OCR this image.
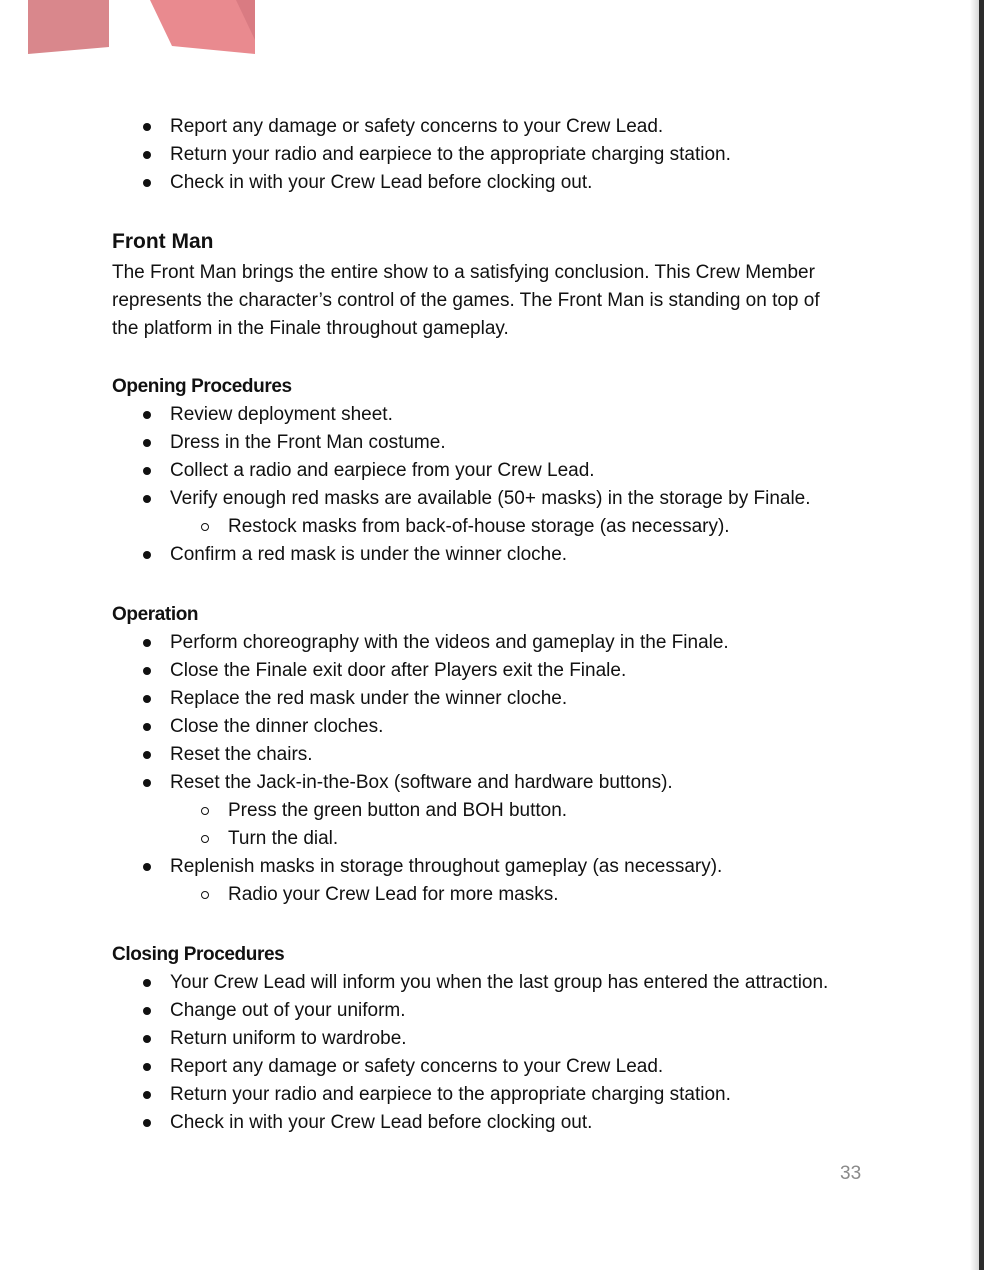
Report any damage or safety concerns to your Crew Lead.
Return your radio and earpiece to the appropriate charging station.
Check in with your Crew Lead before clocking out.
Front Man
The Front Man brings the entire show to a satisfying conclusion. This Crew Member
represents the character’s control of the games. The Front Man is standing on top of
the platform in the Finale throughout gameplay.
Opening Procedures
Review deployment sheet.
Dress in the Front Man costume.
Collect a radio and earpiece from your Crew Lead.
Verify enough red masks are available (50+ masks) in the storage by Finale.
Restock masks from back-of-house storage (as necessary).
Confirm a red mask is under the winner cloche.
Operation
Perform choreography with the videos and gameplay in the Finale.
Close the Finale exit door after Players exit the Finale.
Replace the red mask under the winner cloche.
Close the dinner cloches.
Reset the chairs.
Reset the Jack-in-the-Box (software and hardware buttons).
Press the green button and BOH button.
Turn the dial.
Replenish masks in storage throughout gameplay (as necessary).
Radio your Crew Lead for more masks.
Closing Procedures
Your Crew Lead will inform you when the last group has entered the attraction.
Change out of your uniform.
Return uniform to wardrobe.
Report any damage or safety concerns to your Crew Lead.
Return your radio and earpiece to the appropriate charging station.
Check in with your Crew Lead before clocking out.
33
